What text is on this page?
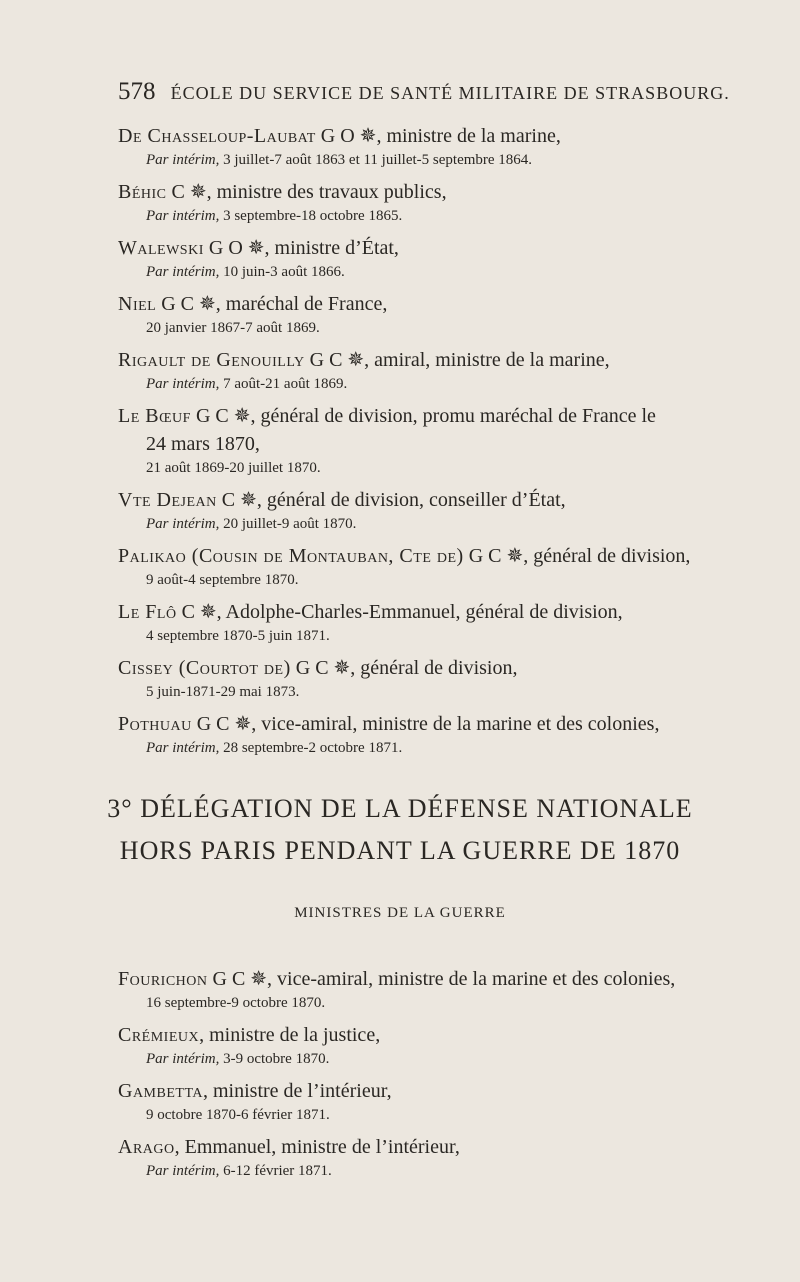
578 ÉCOLE DU SERVICE DE SANTÉ MILITAIRE DE STRASBOURG.
De Chasseloup-Laubat G O ✵, ministre de la marine,
Par intérim, 3 juillet-7 août 1863 et 11 juillet-5 septembre 1864.
Béhic C ✵, ministre des travaux publics,
Par intérim, 3 septembre-18 octobre 1865.
Walewski G O ✵, ministre d’État,
Par intérim, 10 juin-3 août 1866.
Niel G C ✵, maréchal de France,
20 janvier 1867-7 août 1869.
Rigault de Genouilly G C ✵, amiral, ministre de la marine,
Par intérim, 7 août-21 août 1869.
Le Bœuf G C ✵, général de division, promu maréchal de France le
24 mars 1870,
21 août 1869-20 juillet 1870.
Vte Dejean C ✵, général de division, conseiller d’État,
Par intérim, 20 juillet-9 août 1870.
Palikao (Cousin de Montauban, Cte de) G C ✵, général de division,
9 août-4 septembre 1870.
Le Flô C ✵, Adolphe-Charles-Emmanuel, général de division,
4 septembre 1870-5 juin 1871.
Cissey (Courtot de) G C ✵, général de division,
5 juin-1871-29 mai 1873.
Pothuau G C ✵, vice-amiral, ministre de la marine et des colonies,
Par intérim, 28 septembre-2 octobre 1871.
3° DÉLÉGATION DE LA DÉFENSE NATIONALE
HORS PARIS PENDANT LA GUERRE DE 1870
MINISTRES DE LA GUERRE
Fourichon G C ✵, vice-amiral, ministre de la marine et des colonies,
16 septembre-9 octobre 1870.
Crémieux, ministre de la justice,
Par intérim, 3-9 octobre 1870.
Gambetta, ministre de l’intérieur,
9 octobre 1870-6 février 1871.
Arago, Emmanuel, ministre de l’intérieur,
Par intérim, 6-12 février 1871.
